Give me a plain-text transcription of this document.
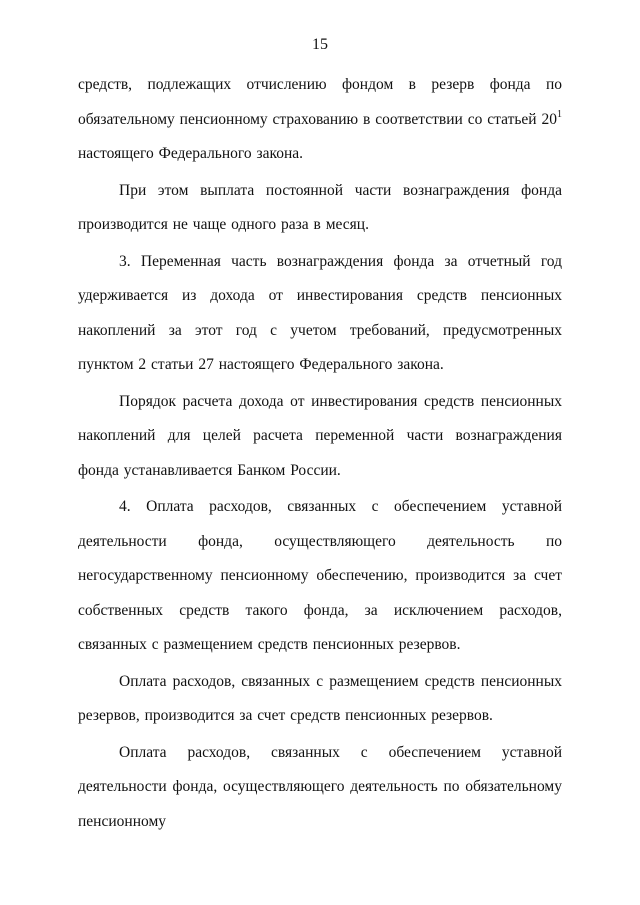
15

средств, подлежащих отчислению фондом в резерв фонда по обязательному пенсионному страхованию в соответствии со статьей $20^1$ настоящего Федерального закона.

При этом выплата постоянной части вознаграждения фонда производится не чаще одного раза в месяц.

3. Переменная часть вознаграждения фонда за отчетный год удерживается из дохода от инвестирования средств пенсионных накоплений за этот год с учетом требований, предусмотренных пунктом 2 статьи 27 настоящего Федерального закона.

Порядок расчета дохода от инвестирования средств пенсионных накоплений для целей расчета переменной части вознаграждения фонда устанавливается Банком России.

4. Оплата расходов, связанных с обеспечением уставной деятельности фонда, осуществляющего деятельность по негосударственному пенсионному обеспечению, производится за счет собственных средств такого фонда, за исключением расходов, связанных с размещением средств пенсионных резервов.

Оплата расходов, связанных с размещением средств пенсионных резервов, производится за счет средств пенсионных резервов.

Оплата расходов, связанных с обеспечением уставной деятельности фонда, осуществляющего деятельность по обязательному пенсионному
